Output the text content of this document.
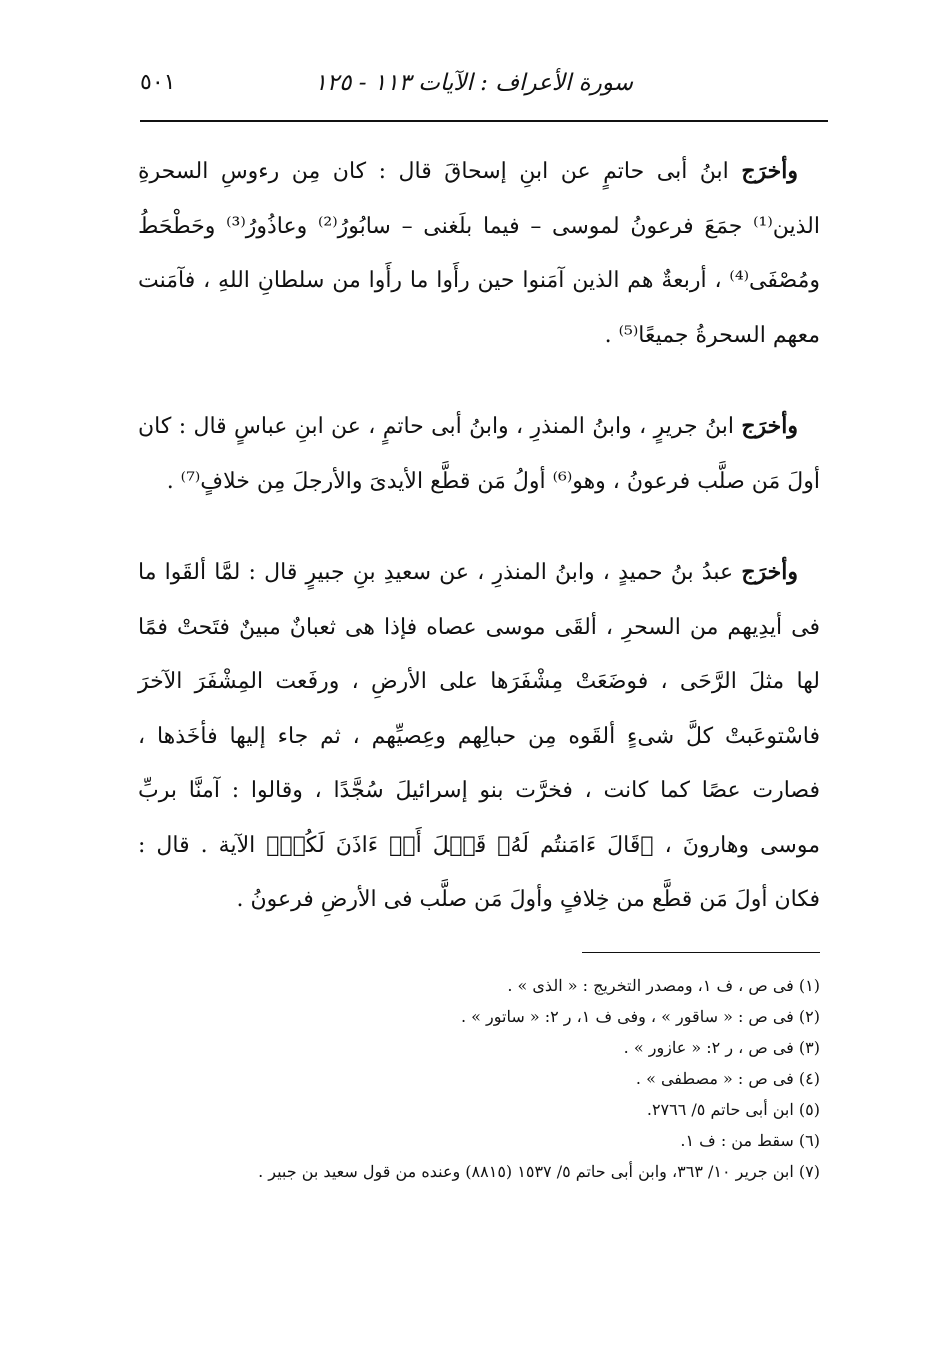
سورة الأعراف : الآيات ١١٣ - ١٢٥
٥٠١

وأخرَج ابنُ أبى حاتمٍ عن ابنِ إسحاقَ قال : كان مِن رءوسِ السحرةِ الذين⁽¹⁾ جمَعَ فرعونُ لموسى – فيما بلَغنى – سابُورُ⁽²⁾ وعاذُورُ⁽³⁾ وحَطْحَطُ ومُصْفَى⁽⁴⁾ ، أربعةٌ هم الذين آمَنوا حين رأَوا ما رأَوا من سلطانِ اللهِ ، فآمَنت معهم السحرةُ جميعًا⁽⁵⁾ .

وأخرَج ابنُ جريرٍ ، وابنُ المنذرِ ، وابنُ أبى حاتمٍ ، عن ابنِ عباسٍ قال : كان أولَ مَن صلَّب فرعونُ ، وهو⁽⁶⁾ أولُ مَن قطَّع الأيدىَ والأرجلَ مِن خلافٍ⁽⁷⁾ .

وأخرَج عبدُ بنُ حميدٍ ، وابنُ المنذرِ ، عن سعيدِ بنِ جبيرٍ قال : لمَّا ألقَوا ما فى أيدِيهم من السحرِ ، ألقَى موسى عصاه فإذا هى ثعبانٌ مبينٌ فتَحتْ فمًا لها مثلَ الرَّحَى ، فوضَعَتْ مِشْفَرَها على الأرضِ ، ورفَعت المِشْفَرَ الآخرَ فاسْتوعَبتْ كلَّ شىءٍ ألقَوه مِن حبالِهم وعِصيِّهم ، ثم جاء إليها فأخَذها ، فصارت عصًا كما كانت ، فخرَّت بنو إسرائيلَ سُجَّدًا ، وقالوا : آمنَّا بربِّ موسى وهارونَ ، ﴿قَالَ ءَامَنتُم لَهُۥ قَبۡلَ أَنۡ ءَاذَنَ لَكُمۡ﴾ الآية . قال : فكان أولَ مَن قطَّع من خِلافٍ وأولَ مَن صلَّب فى الأرضِ فرعونُ .

(١) فى ص ، ف ١، ومصدر التخريج : « الذى » .
(٢) فى ص : « ساقور » ، وفى ف ١، ر ٢: « ساتور » .
(٣) فى ص ، ر ٢: « عازور » .
(٤) فى ص : « مصطفى » .
(٥) ابن أبى حاتم ٥/ ٢٧٦٦.
(٦) سقط من : ف ١.
(٧) ابن جرير ١٠/ ٣٦٣، وابن أبى حاتم ٥/ ١٥٣٧ (٨٨١٥) وعنده من قول سعيد بن جبير .
